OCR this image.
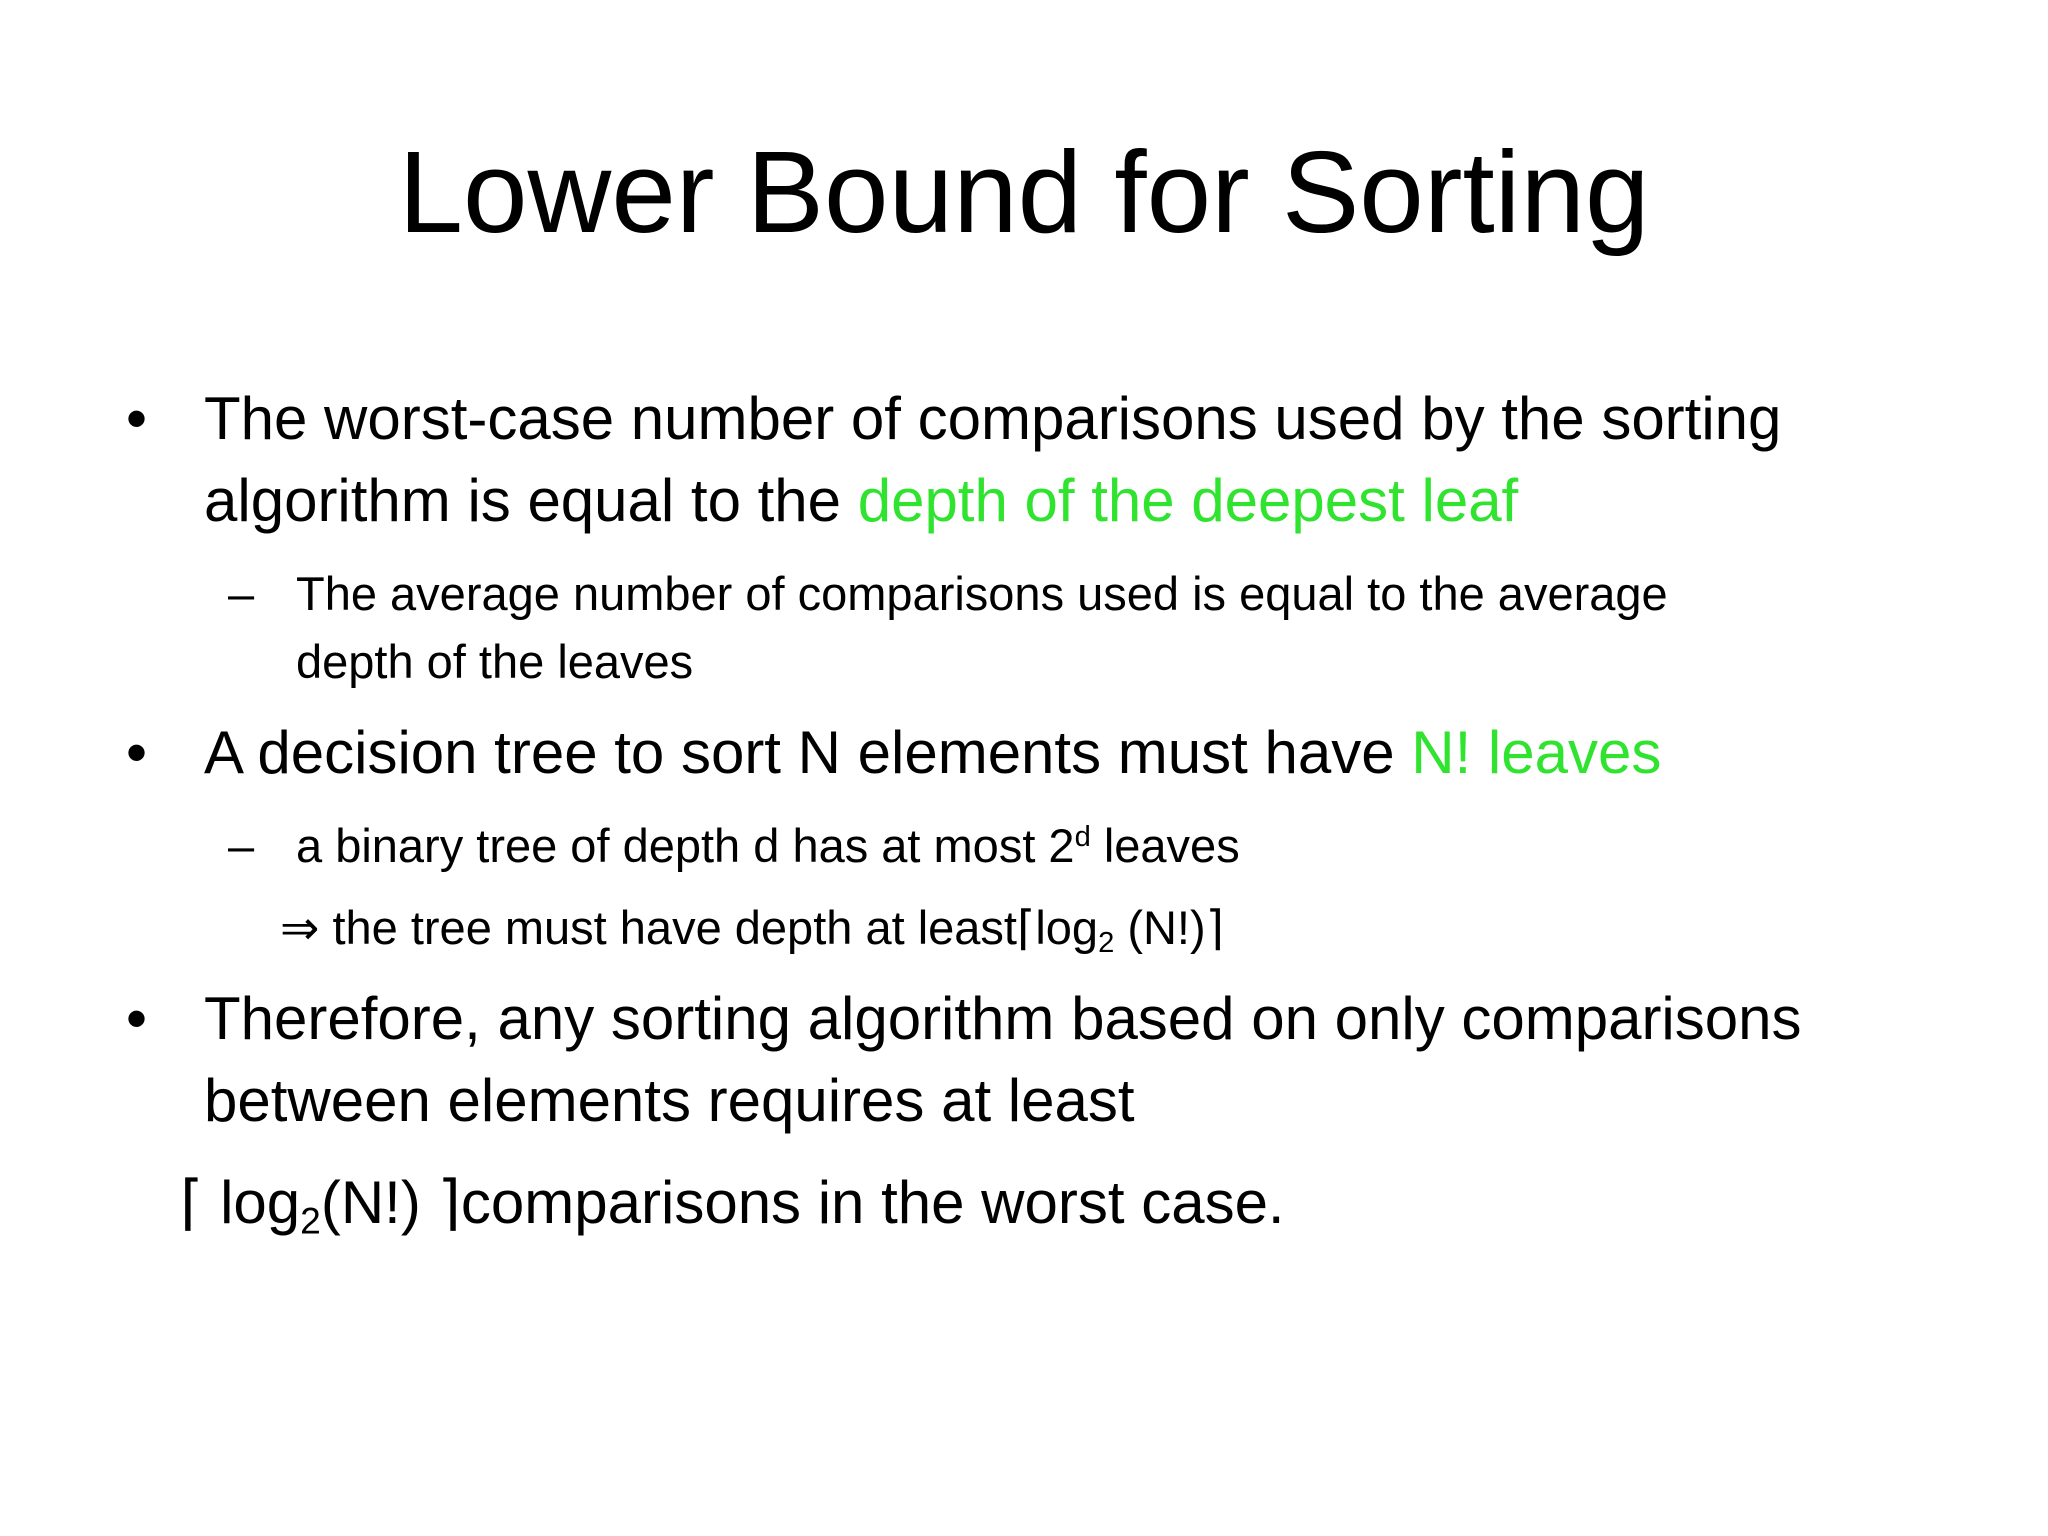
Lower Bound for Sorting
• The worst-case number of comparisons used by the sorting
algorithm is equal to the depth of the deepest leaf
– The average number of comparisons used is equal to the average
depth of the leaves
• A decision tree to sort N elements must have N! leaves
– a binary tree of depth d has at most 2$^d$ leaves
⇒ the tree must have depth at $least⌈\log_2$ (N!)⌉
• Therefore, any sorting algorithm based on only comparisons
between elements requires at least
⌈ $\log_2(N!)$ ⌉comparisons in the worst case.
